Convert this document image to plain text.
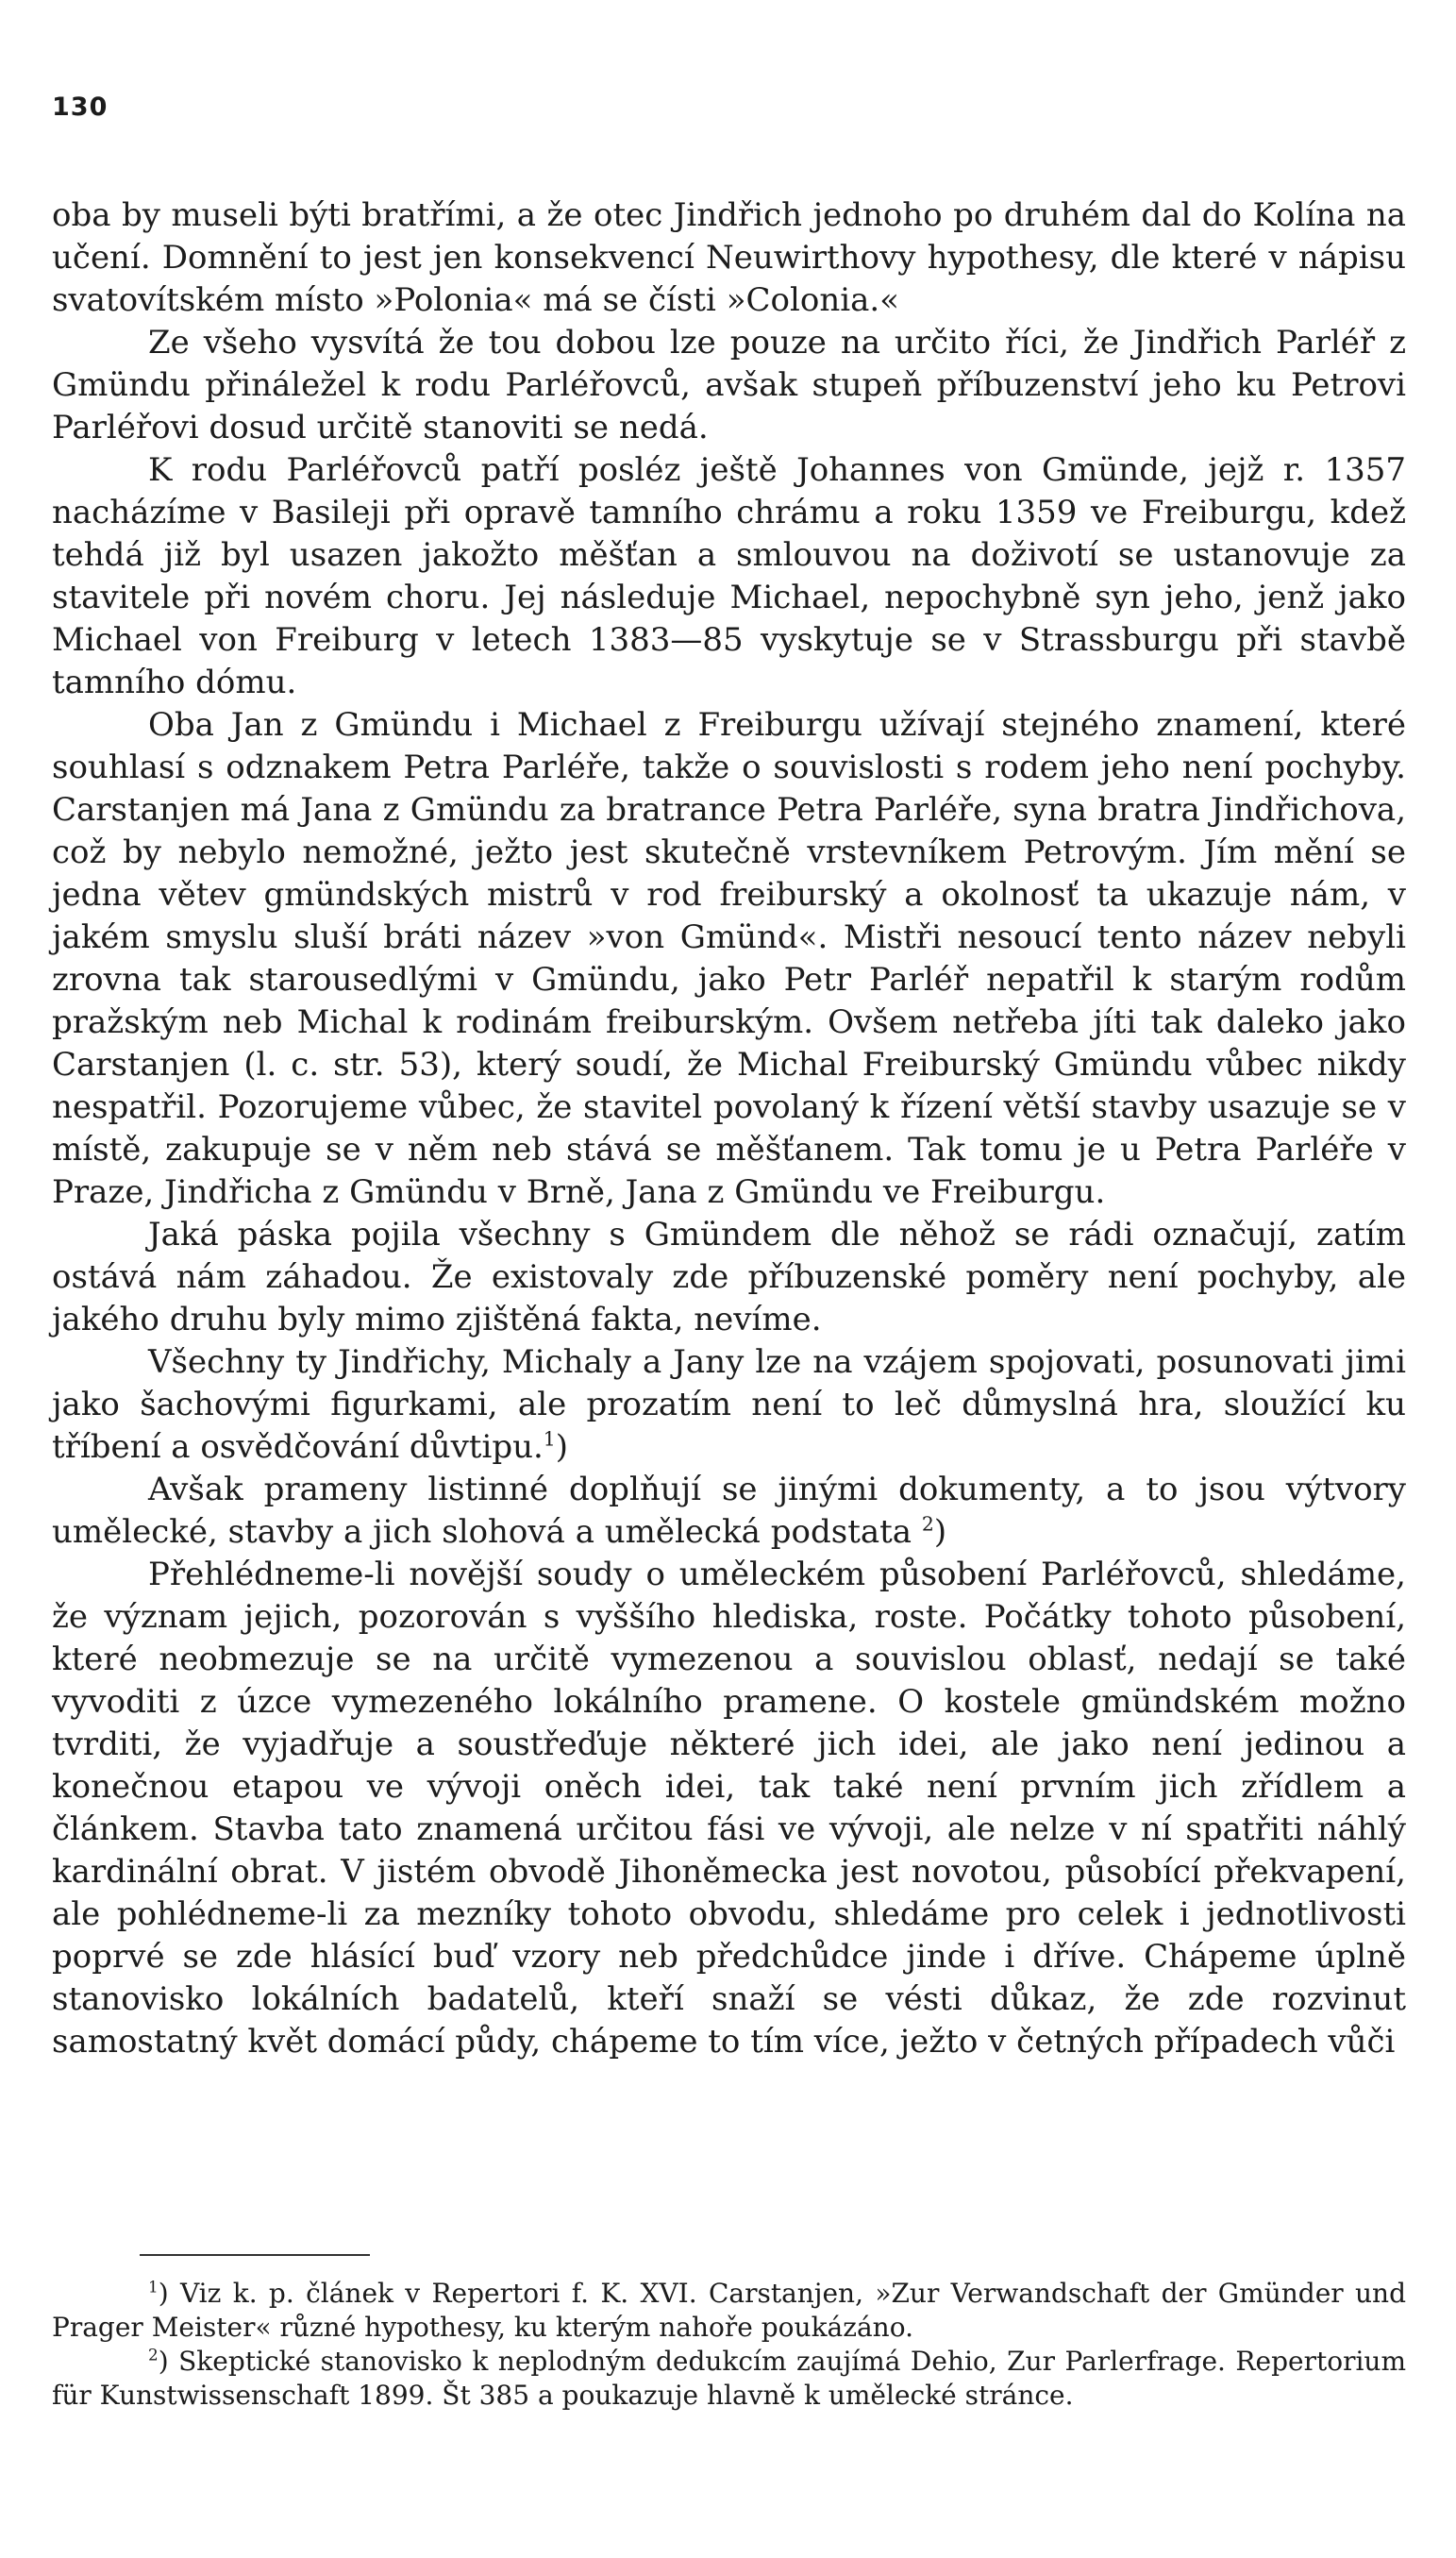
130

oba by museli býti bratřími, a že otec Jindřich jednoho po druhém dal do Kolína na učení. Domnění to jest jen konsekvencí Neuwirthovy hypothesy, dle které v nápisu svatovítském místo »Polonia« má se čísti »Colonia.«

Ze všeho vysvítá že tou dobou lze pouze na určito říci, že Jindřich Parléř z Gmündu přináležel k rodu Parléřovců, avšak stupeň příbuzenství jeho ku Petrovi Parléřovi dosud určitě stanoviti se nedá.

K rodu Parléřovců patří posléz ještě Johannes von Gmünde, jejž r. 1357 nacházíme v Basileji při opravě tamního chrámu a roku 1359 ve Freiburgu, kdež tehdá již byl usazen jakožto měšťan a smlouvou na doživotí se ustanovuje za stavitele při novém choru. Jej následuje Michael, nepochybně syn jeho, jenž jako Michael von Freiburg v letech 1383—85 vyskytuje se v Strassburgu při stavbě tamního dómu.

Oba Jan z Gmündu i Michael z Freiburgu užívají stejného znamení, které souhlasí s odznakem Petra Parléře, takže o souvislosti s rodem jeho není pochyby. Carstanjen má Jana z Gmündu za bratrance Petra Parléře, syna bratra Jindřichova, což by nebylo nemožné, ježto jest skutečně vrstevníkem Petrovým. Jím mění se jedna větev gmündských mistrů v rod freiburský a okolnosť ta ukazuje nám, v jakém smyslu sluší bráti název »von Gmünd«. Mistři nesoucí tento název nebyli zrovna tak starousedlými v Gmündu, jako Petr Parléř nepatřil k starým rodům pražským neb Michal k rodinám freiburským. Ovšem netřeba jíti tak daleko jako Carstanjen (l. c. str. 53), který soudí, že Michal Freiburský Gmündu vůbec nikdy nespatřil. Pozorujeme vůbec, že stavitel povolaný k řízení větší stavby usazuje se v místě, zakupuje se v něm neb stává se měšťanem. Tak tomu je u Petra Parléře v Praze, Jindřicha z Gmündu v Brně, Jana z Gmündu ve Freiburgu.

Jaká páska pojila všechny s Gmündem dle něhož se rádi označují, zatím ostává nám záhadou. Že existovaly zde příbuzenské poměry není pochyby, ale jakého druhu byly mimo zjištěná fakta, nevíme.

Všechny ty Jindřichy, Michaly a Jany lze na vzájem spojovati, posunovati jimi jako šachovými figurkami, ale prozatím není to leč důmyslná hra, sloužící ku tříbení a osvědčování důvtipu.$^1$)

Avšak prameny listinné doplňují se jinými dokumenty, a to jsou výtvory umělecké, stavby a jich slohová a umělecká podstata $^2$)

Přehlédneme-li novější soudy o uměleckém působení Parléřovců, shledáme, že význam jejich, pozorován s vyššího hlediska, roste. Počátky tohoto působení, které neobmezuje se na určitě vymezenou a souvislou oblasť, nedají se také vyvoditi z úzce vymezeného lokálního pramene. O kostele gmündském možno tvrditi, že vyjadřuje a soustřeďuje některé jich idei, ale jako není jedinou a konečnou etapou ve vývoji oněch idei, tak také není prvním jich zřídlem a článkem. Stavba tato znamená určitou fási ve vývoji, ale nelze v ní spatřiti náhlý kardinální obrat. V jistém obvodě Jihoněmecka jest novotou, působící překvapení, ale pohlédneme-li za mezníky tohoto obvodu, shledáme pro celek i jednotlivosti poprvé se zde hlásící buď vzory neb předchůdce jinde i dříve. Chápeme úplně stanovisko lokálních badatelů, kteří snaží se vésti důkaz, že zde rozvinut samostatný květ domácí půdy, chápeme to tím více, ježto v četných případech vůči

$^1$) Viz k. p. článek v Repertori f. K. XVI. Carstanjen, »Zur Verwandschaft der Gmünder und Prager Meister« různé hypothesy, ku kterým nahoře poukázáno.

$^2$) Skeptické stanovisko k neplodným dedukcím zaujímá Dehio, Zur Parlerfrage. Repertorium für Kunstwissenschaft 1899. Št 385 a poukazuje hlavně k umělecké stránce.
